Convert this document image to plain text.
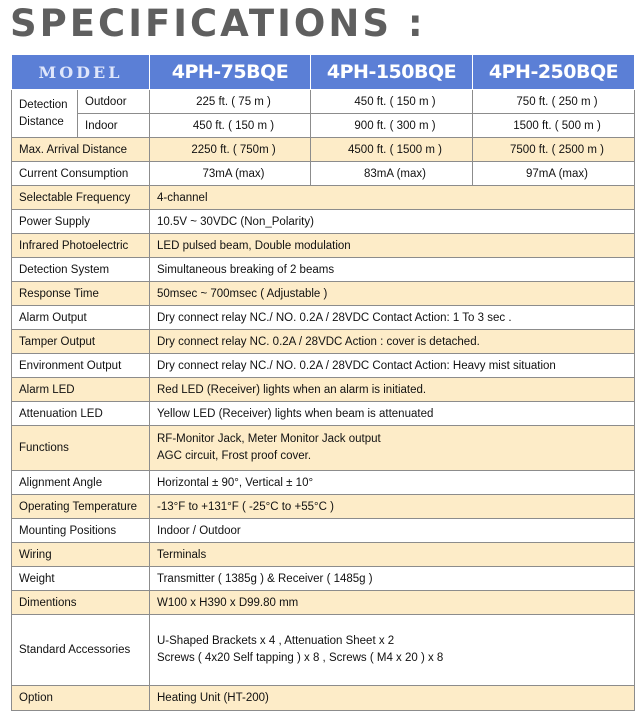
SPECIFICATIONS :
MODEL		4PH-75BQE	4PH-150BQE	4PH-250BQE

Detection
Distance	Outdoor	225 ft. ( 75 m )	450 ft. ( 150 m )	750 ft. ( 250 m )
	Indoor	450 ft. ( 150 m )	900 ft. ( 300 m )	1500 ft. ( 500 m )
Max. Arrival Distance		2250 ft. ( 750m )	4500 ft. ( 1500 m )	7500 ft. ( 2500 m )
Current Consumption		73mA (max)	83mA (max)	97mA (max)
Selectable Frequency		4-channel		
Power Supply		10.5V ~ 30VDC (Non_Polarity)		
Infrared Photoelectric		LED pulsed beam, Double modulation		
Detection System		Simultaneous breaking of 2 beams		
Response Time		50msec ~ 700msec ( Adjustable )		
Alarm Output		Dry connect relay NC./ NO. 0.2A / 28VDC Contact Action: 1 To 3 sec .		
Tamper Output		Dry connect relay NC. 0.2A / 28VDC Action : cover is detached.		
Environment Output		Dry connect relay NC./ NO. 0.2A / 28VDC Contact Action: Heavy mist situation		
Alarm LED		Red LED (Receiver) lights when an alarm is initiated.		
Attenuation LED		Yellow LED (Receiver) lights when beam is attenuated		
Functions		RF-Monitor Jack, Meter Monitor Jack output
AGC circuit, Frost proof cover.		

Alignment Angle		Horizontal ± 90°, Vertical ± 10°		
Operating Temperature		-13°F to +131°F ( -25°C to +55°C )		
Mounting Positions		Indoor / Outdoor		
Wiring		Terminals		
Weight		Transmitter ( 1385g ) & Receiver ( 1485g )		
Dimentions		W100 x H390 x D99.80 mm		
Standard Accessories		U-Shaped Brackets x 4 , Attenuation Sheet x 2
Screws ( 4x20 Self tapping ) x 8 , Screws ( M4 x 20 ) x 8		

Option		Heating Unit (HT-200)		
